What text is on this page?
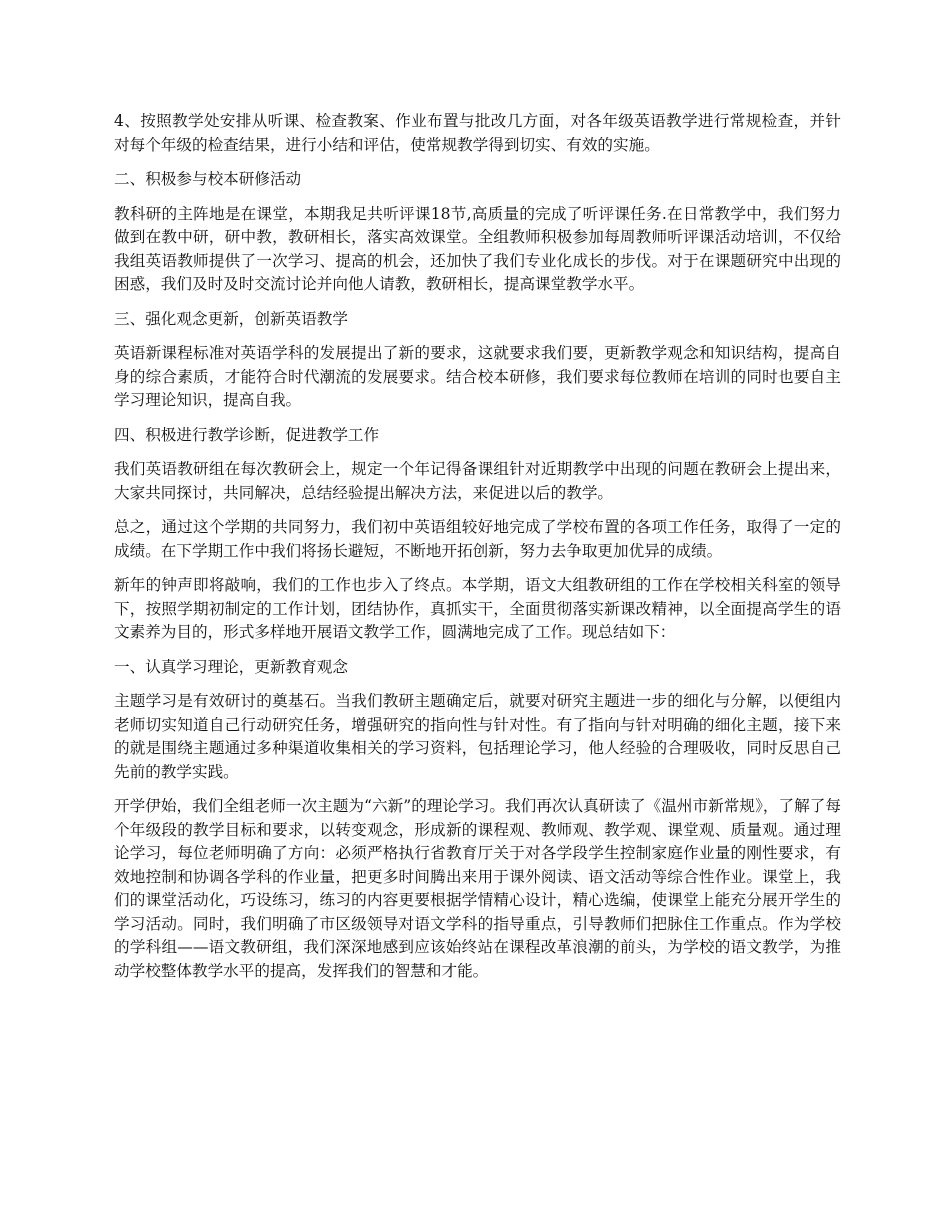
4、按照教学处安排从听课、检查教案、作业布置与批改几方面，对各年级英语教学进行常规检查，并针对每个年级的检查结果，进行小结和评估，使常规教学得到切实、有效的实施。

二、积极参与校本研修活动

教科研的主阵地是在课堂，本期我足共听评课18节,高质量的完成了听评课任务.在日常教学中，我们努力做到在教中研，研中教，教研相长，落实高效课堂。全组教师积极参加每周教师听评课活动培训，不仅给我组英语教师提供了一次学习、提高的机会，还加快了我们专业化成长的步伐。对于在课题研究中出现的困惑，我们及时及时交流讨论并向他人请教，教研相长，提高课堂教学水平。

三、强化观念更新，创新英语教学

英语新课程标准对英语学科的发展提出了新的要求，这就要求我们要，更新教学观念和知识结构，提高自身的综合素质，才能符合时代潮流的发展要求。结合校本研修，我们要求每位教师在培训的同时也要自主学习理论知识，提高自我。

四、积极进行教学诊断，促进教学工作

我们英语教研组在每次教研会上，规定一个年记得备课组针对近期教学中出现的问题在教研会上提出来，大家共同探讨，共同解决，总结经验提出解决方法，来促进以后的教学。

总之，通过这个学期的共同努力，我们初中英语组较好地完成了学校布置的各项工作任务，取得了一定的成绩。在下学期工作中我们将扬长避短，不断地开拓创新，努力去争取更加优异的成绩。

新年的钟声即将敲响，我们的工作也步入了终点。本学期，语文大组教研组的工作在学校相关科室的领导下，按照学期初制定的工作计划，团结协作，真抓实干，全面贯彻落实新课改精神，以全面提高学生的语文素养为目的，形式多样地开展语文教学工作，圆满地完成了工作。现总结如下：

一、认真学习理论，更新教育观念

主题学习是有效研讨的奠基石。当我们教研主题确定后，就要对研究主题进一步的细化与分解，以便组内老师切实知道自己行动研究任务，增强研究的指向性与针对性。有了指向与针对明确的细化主题，接下来的就是围绕主题通过多种渠道收集相关的学习资料，包括理论学习，他人经验的合理吸收，同时反思自己先前的教学实践。

开学伊始，我们全组老师一次主题为“六新”的理论学习。我们再次认真研读了《温州市新常规》，了解了每个年级段的教学目标和要求，以转变观念，形成新的课程观、教师观、教学观、课堂观、质量观。通过理论学习，每位老师明确了方向：必须严格执行省教育厅关于对各学段学生控制家庭作业量的刚性要求，有效地控制和协调各学科的作业量，把更多时间腾出来用于课外阅读、语文活动等综合性作业。课堂上，我们的课堂活动化，巧设练习，练习的内容更要根据学情精心设计，精心选编，使课堂上能充分展开学生的学习活动。同时，我们明确了市区级领导对语文学科的指导重点，引导教师们把脉住工作重点。作为学校的学科组——语文教研组，我们深深地感到应该始终站在课程改革浪潮的前头，为学校的语文教学，为推动学校整体教学水平的提高，发挥我们的智慧和才能。
